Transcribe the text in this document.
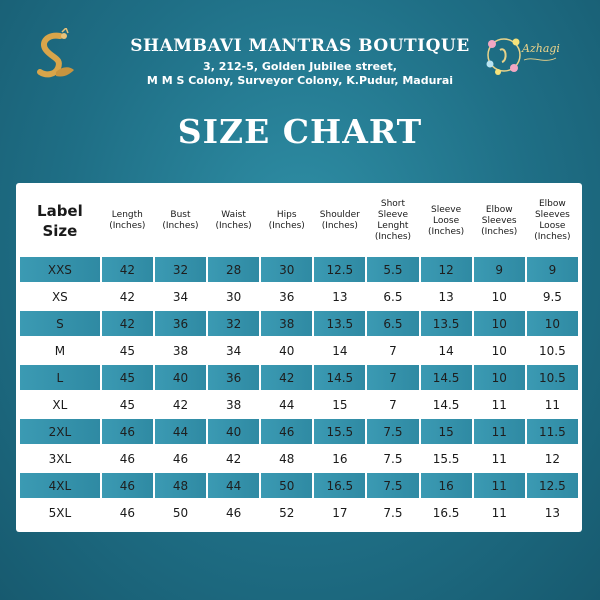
SHAMBAVI MANTRAS BOUTIQUE
3, 212-5, Golden Jubilee street,
M M S Colony, Surveyor Colony, K.Pudur, Madurai
Azhagi
SIZE CHART
Label Size	Length (Inches)	Bust (Inches)	Waist (Inches)	Hips (Inches)	Shoulder (Inches)	Short Sleeve Lenght (Inches)	Sleeve Loose (Inches)	Elbow Sleeves (Inches)	Elbow Sleeves Loose (Inches)
XXS	42	32	28	30	12.5	5.5	12	9	9
XS	42	34	30	36	13	6.5	13	10	9.5
S	42	36	32	38	13.5	6.5	13.5	10	10
M	45	38	34	40	14	7	14	10	10.5
L	45	40	36	42	14.5	7	14.5	10	10.5
XL	45	42	38	44	15	7	14.5	11	11
2XL	46	44	40	46	15.5	7.5	15	11	11.5
3XL	46	46	42	48	16	7.5	15.5	11	12
4XL	46	48	44	50	16.5	7.5	16	11	12.5
5XL	46	50	46	52	17	7.5	16.5	11	13
